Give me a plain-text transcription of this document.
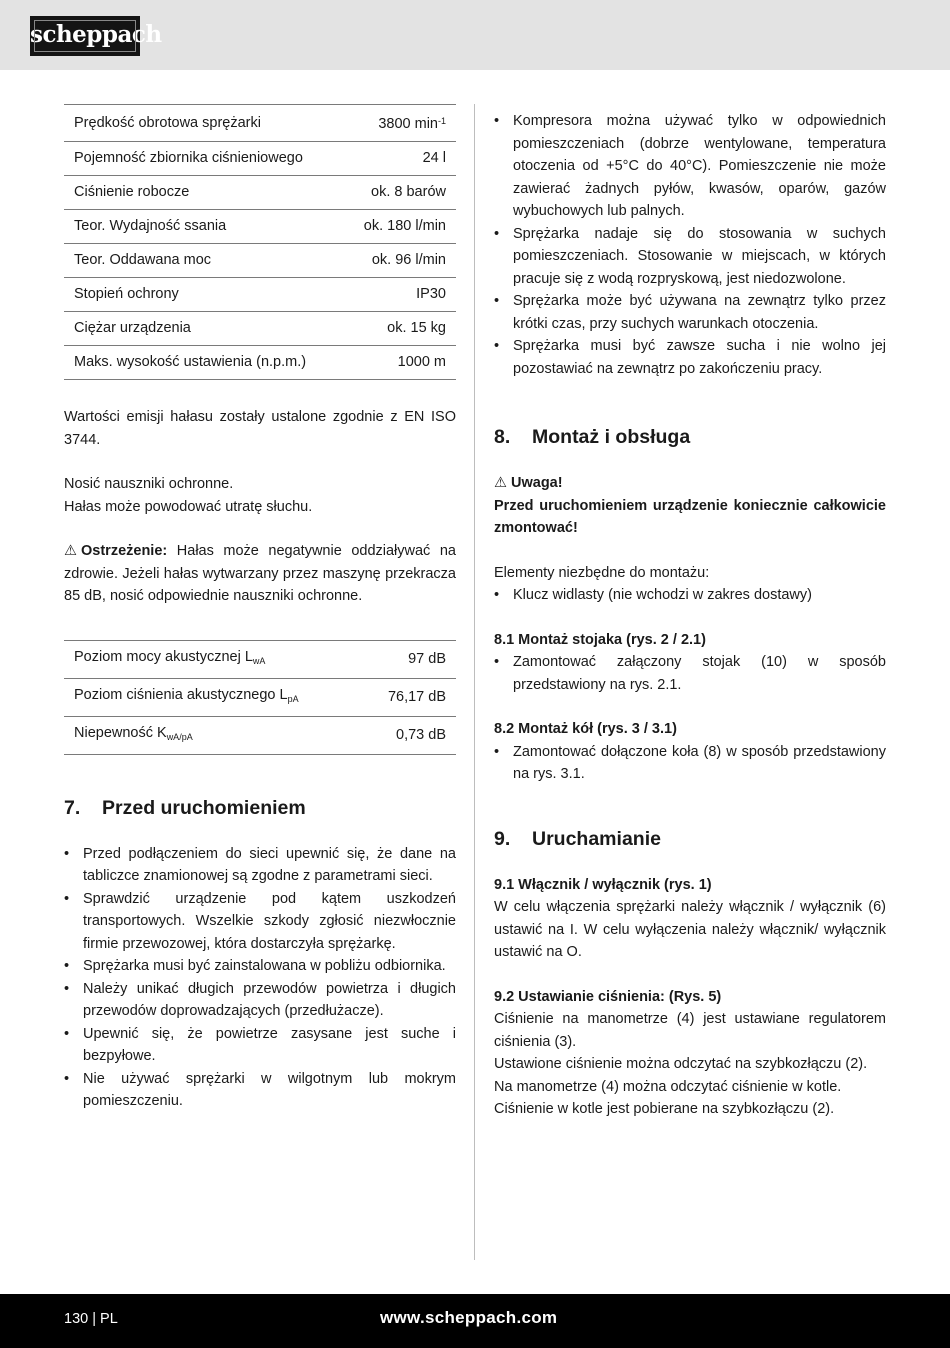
scheppach
Prędkość obrotowa sprężarki	3800 $\min^{-1}$
Pojemność zbiornika ciśnieniowego	24 l
Ciśnienie robocze	ok. 8 barów
Teor. Wydajność ssania	ok. 180 l/min
Teor. Oddawana moc	ok. 96 l/min
Stopień ochrony	IP30
Ciężar urządzenia	ok. 15 kg
Maks. wysokość ustawienia (n.p.m.)	1000 m

Wartości emisji hałasu zostały ustalone zgodnie z EN ISO 3744.

Nosić nauszniki ochronne.

Hałas może powodować utratę słuchu.

⚠ Ostrzeżenie: Hałas może negatywnie oddziaływać na zdrowie. Jeżeli hałas wytwarzany przez maszynę przekracza 85 dB, nosić odpowiednie nauszniki ochronne.

Poziom mocy akustycznej $L_{wA}$	97 dB
Poziom ciśnienia akustycznego $L_{pA}$	76,17 dB
Niepewność $K_{wA/pA}$	0,73 dB
7. Przed uruchomieniem
• Przed podłączeniem do sieci upewnić się, że dane na tabliczce znamionowej są zgodne z parametrami sieci.
• Sprawdzić urządzenie pod kątem uszkodzeń transportowych. Wszelkie szkody zgłosić niezwłocznie firmie przewozowej, która dostarczyła sprężarkę.
• Sprężarka musi być zainstalowana w pobliżu odbiornika.
• Należy unikać długich przewodów powietrza i długich przewodów doprowadzających (przedłużacze).
• Upewnić się, że powietrze zasysane jest suche i bezpyłowe.
• Nie używać sprężarki w wilgotnym lub mokrym pomieszczeniu.
• Kompresora można używać tylko w odpowiednich pomieszczeniach (dobrze wentylowane, temperatura otoczenia od +5°C do 40°C). Pomieszczenie nie może zawierać żadnych pyłów, kwasów, oparów, gazów wybuchowych lub palnych.
• Sprężarka nadaje się do stosowania w suchych pomieszczeniach. Stosowanie w miejscach, w których pracuje się z wodą rozpryskową, jest niedozwolone.
• Sprężarka może być używana na zewnątrz tylko przez krótki czas, przy suchych warunkach otoczenia.
• Sprężarka musi być zawsze sucha i nie wolno jej pozostawiać na zewnątrz po zakończeniu pracy.
8. Montaż i obsługa

⚠ Uwaga!

Przed uruchomieniem urządzenie koniecznie całkowicie zmontować!

Elementy niezbędne do montażu:

• Klucz widlasty (nie wchodzi w zakres dostawy)

8.1 Montaż stojaka (rys. 2 / 2.1)

• Zamontować załączony stojak (10) w sposób przedstawiony na rys. 2.1.

8.2 Montaż kół (rys. 3 / 3.1)

• Zamontować dołączone koła (8) w sposób przedstawiony na rys. 3.1.
9. Uruchamianie

9.1 Włącznik / wyłącznik (rys. 1)

W celu włączenia sprężarki należy włącznik / wyłącznik (6) ustawić na I. W celu wyłączenia należy włącznik/ wyłącznik ustawić na O.

9.2 Ustawianie ciśnienia: (Rys. 5)

Ciśnienie na manometrze (4) jest ustawiane regulatorem ciśnienia (3).

Ustawione ciśnienie można odczytać na szybkozłączu (2).

Na manometrze (4) można odczytać ciśnienie w kotle.

Ciśnienie w kotle jest pobierane na szybkozłączu (2).

130 | PL	www.scheppach.com
